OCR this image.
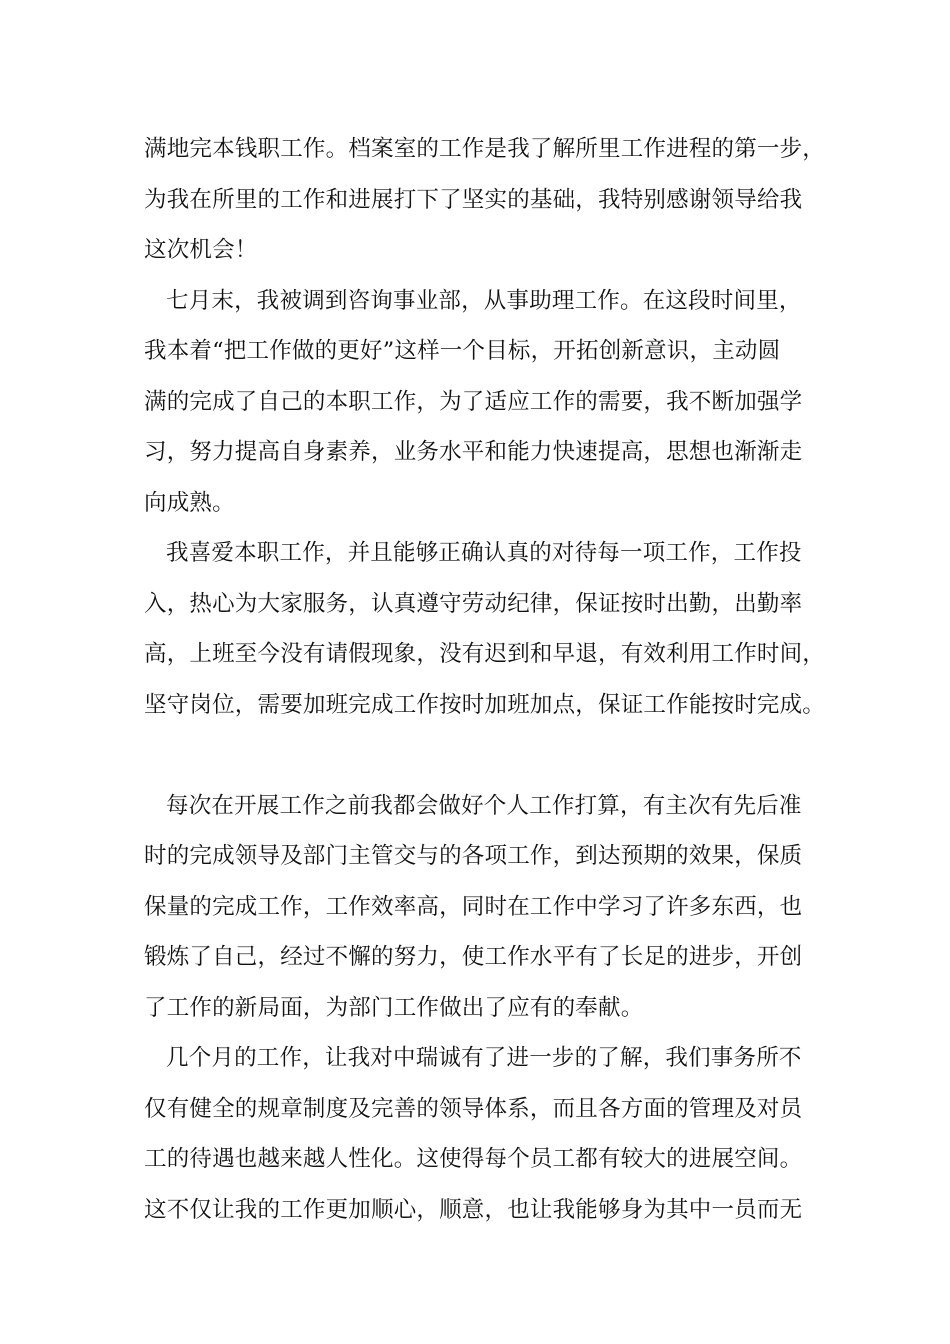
满地完本钱职工作。档案室的工作是我了解所里工作进程的第一步，
为我在所里的工作和进展打下了坚实的基础，我特别感谢领导给我
这次机会！
七月末，我被调到咨询事业部，从事助理工作。在这段时间里，
我本着“把工作做的更好”这样一个目标，开拓创新意识，主动圆
满的完成了自己的本职工作，为了适应工作的需要，我不断加强学
习，努力提高自身素养，业务水平和能力快速提高，思想也渐渐走
向成熟。
我喜爱本职工作，并且能够正确认真的对待每一项工作，工作投
入，热心为大家服务，认真遵守劳动纪律，保证按时出勤，出勤率
高，上班至今没有请假现象，没有迟到和早退，有效利用工作时间，
坚守岗位，需要加班完成工作按时加班加点，保证工作能按时完成。
每次在开展工作之前我都会做好个人工作打算，有主次有先后准
时的完成领导及部门主管交与的各项工作，到达预期的效果，保质
保量的完成工作，工作效率高，同时在工作中学习了许多东西，也
锻炼了自己，经过不懈的努力，使工作水平有了长足的进步，开创
了工作的新局面，为部门工作做出了应有的奉献。
几个月的工作，让我对中瑞诚有了进一步的了解，我们事务所不
仅有健全的规章制度及完善的领导体系，而且各方面的管理及对员
工的待遇也越来越人性化。这使得每个员工都有较大的进展空间。
这不仅让我的工作更加顺心，顺意，也让我能够身为其中一员而无
